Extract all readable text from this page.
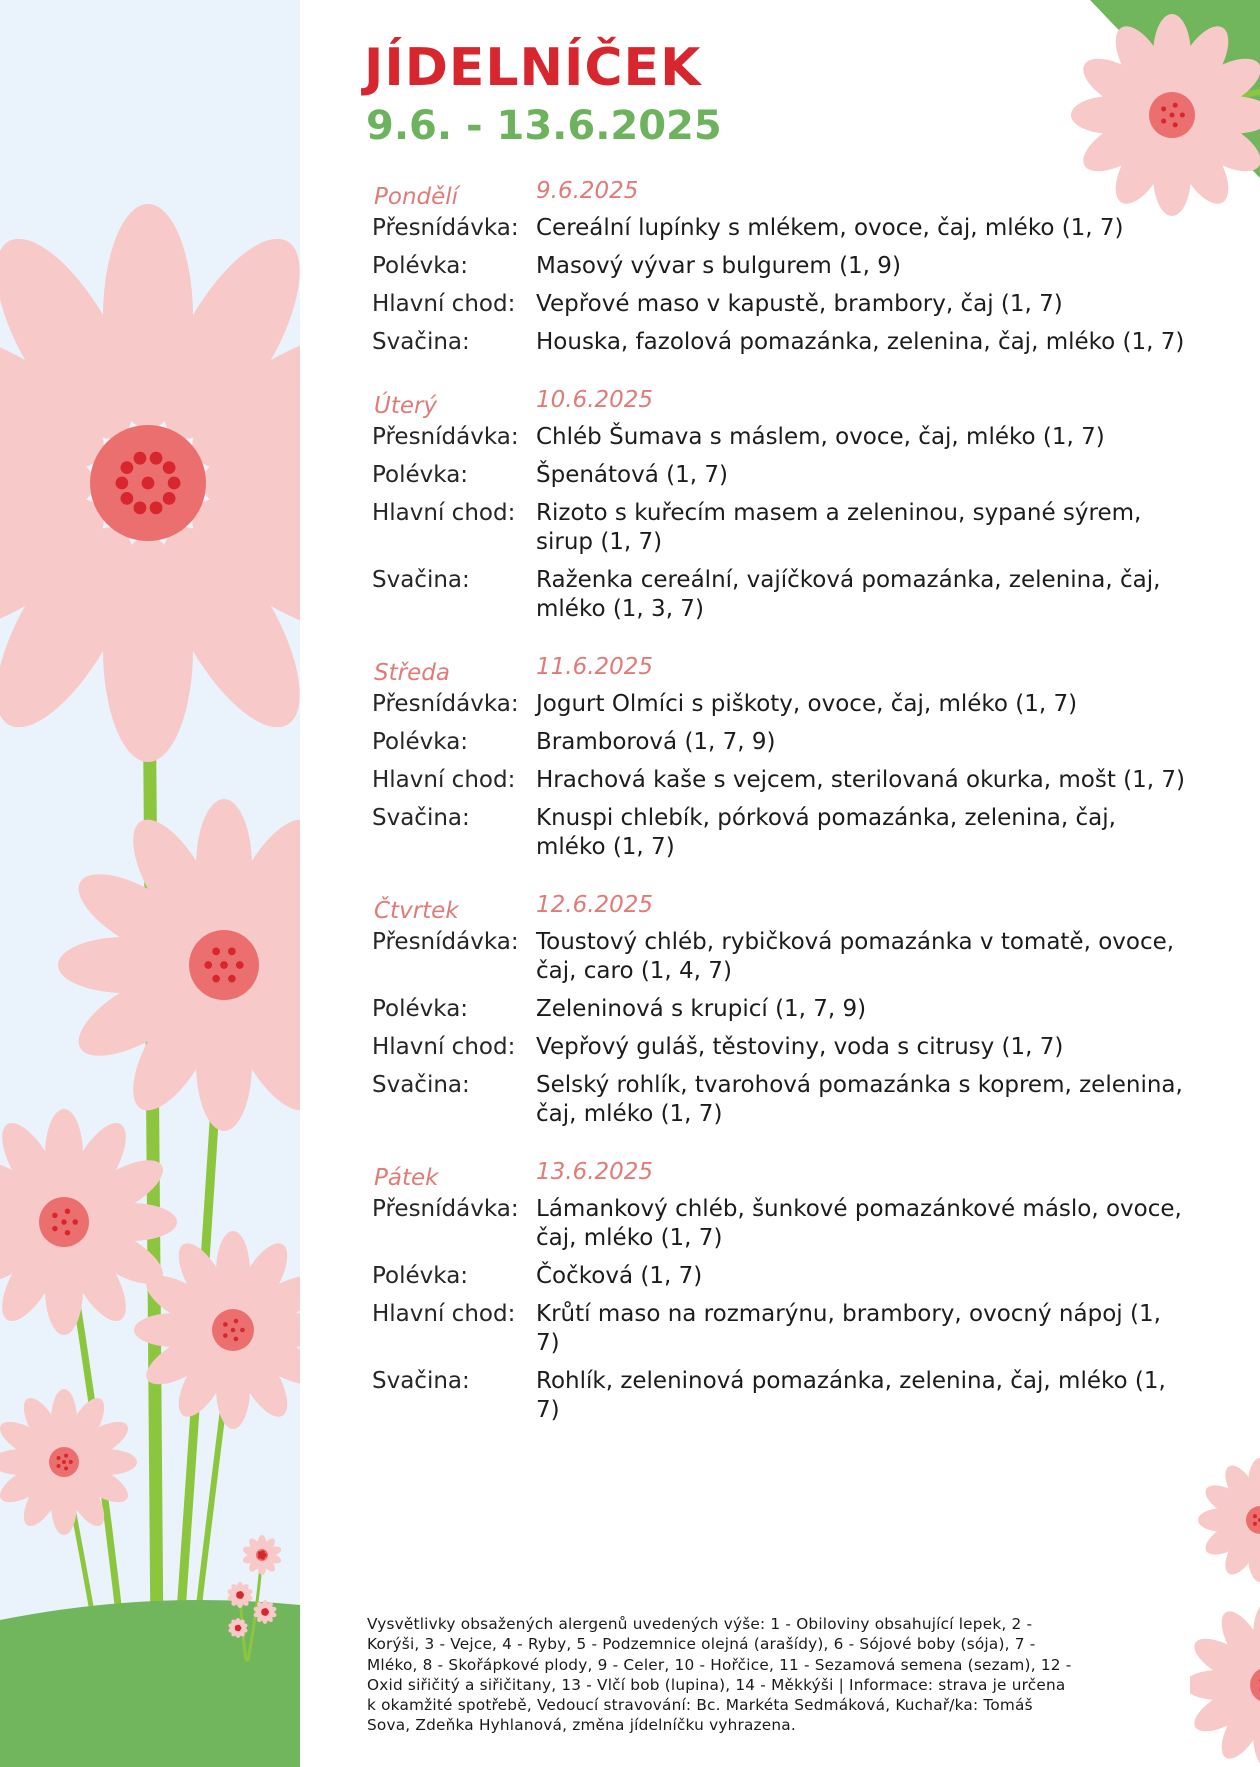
JÍDELNÍČEK
9.6. - 13.6.2025
Pondělí	9.6.2025
Přesnídávka: Cereální lupínky s mlékem, ovoce, čaj, mléko (1, 7)
Polévka:	Masový vývar s bulgurem (1, 9)
Hlavní chod: Vepřové maso v kapustě, brambory, čaj (1, 7)
Svačina:	Houska, fazolová pomazánka, zelenina, čaj, mléko (1, 7)
Úterý	10.6.2025
Přesnídávka: Chléb Šumava s máslem, ovoce, čaj, mléko (1, 7)
Polévka:	Špenátová (1, 7)
Hlavní chod: Rizoto s kuřecím masem a zeleninou, sypané sýrem, sirup (1, 7)
Svačina:	Raženka cereální, vajíčková pomazánka, zelenina, čaj, mléko (1, 3, 7)
Středa	11.6.2025
Přesnídávka: Jogurt Olmíci s piškoty, ovoce, čaj, mléko (1, 7)
Polévka:	Bramborová (1, 7, 9)
Hlavní chod: Hrachová kaše s vejcem, sterilovaná okurka, mošt (1, 7)
Svačina:	Knuspi chlebík, pórková pomazánka, zelenina, čaj, mléko (1, 7)
Čtvrtek	12.6.2025
Přesnídávka: Toustový chléb, rybičková pomazánka v tomatě, ovoce, čaj, caro (1, 4, 7)
Polévka:	Zeleninová s krupicí (1, 7, 9)
Hlavní chod: Vepřový guláš, těstoviny, voda s citrusy (1, 7)
Svačina:	Selský rohlík, tvarohová pomazánka s koprem, zelenina, čaj, mléko (1, 7)
Pátek	13.6.2025
Přesnídávka: Lámankový chléb, šunkové pomazánkové máslo, ovoce, čaj, mléko (1, 7)
Polévka:	Čočková (1, 7)
Hlavní chod: Krůtí maso na rozmarýnu, brambory, ovocný nápoj (1, 7)
Svačina:	Rohlík, zeleninová pomazánka, zelenina, čaj, mléko (1, 7)

Vysvětlivky obsažených alergenů uvedených výše: 1 - Obiloviny obsahující lepek, 2 - Korýši, 3 - Vejce, 4 - Ryby, 5 - Podzemnice olejná (arašídy), 6 - Sójové boby (sója), 7 - Mléko, 8 - Skořápkové plody, 9 - Celer, 10 - Hořčice, 11 - Sezamová semena (sezam), 12 - Oxid siřičitý a siřičitany, 13 - Vlčí bob (lupina), 14 - Měkkýši | Informace: strava je určena k okamžité spotřebě, Vedoucí stravování: Bc. Markéta Sedmáková, Kuchař/ka: Tomáš Sova, Zdeňka Hyhlanová, změna jídelníčku vyhrazena.
